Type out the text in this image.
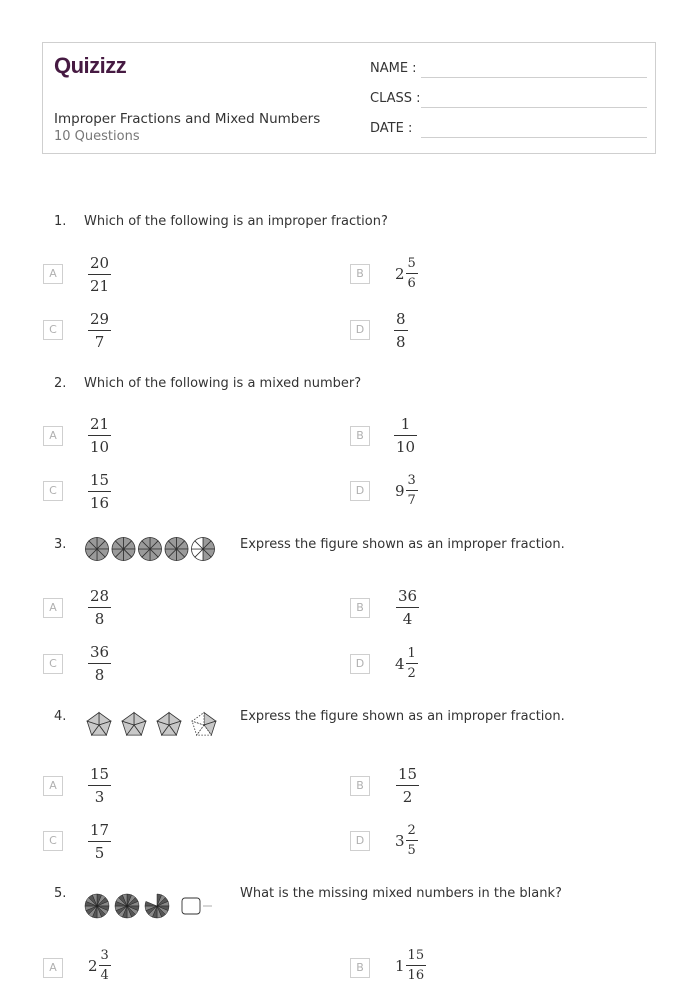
Quizizz
Improper Fractions and Mixed Numbers
10 Questions
NAME :
CLASS :
DATE :
1. Which of the following is an improper fraction?
A
20
21
B	$2 \frac{5}{6}$
C
29
7
D
8
8
2. Which of the following is a mixed number?
A
21
10
B
1
10
C
15
16
D	$9 \frac{3}{7}$
3.	Express the figure shown as an improper fraction.
A
28
8
B
36
4
C
36
8
D	$4 \frac{1}{2}$
4.	Express the figure shown as an improper fraction.
A
15
3
B
15
2
C
17
5
D	$3 \frac{2}{5}$
5.	What is the missing mixed numbers in the blank?
A	$2 \frac{3}{4}$	B	$1 \frac{15}{16}$
